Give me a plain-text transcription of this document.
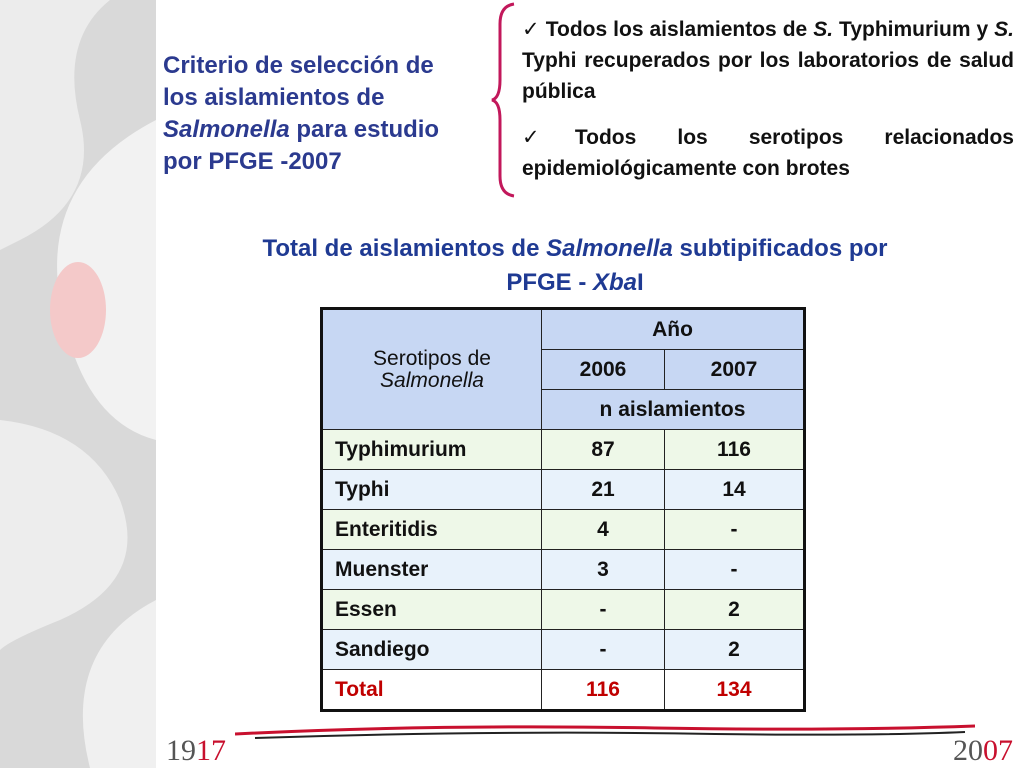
Criterio de selección de
los aislamientos de
Salmonella para estudio
por PFGE -2007

✓ Todos los aislamientos de S. Typhimurium y S. Typhi recuperados por los laboratorios de salud pública

✓Todos los serotipos relacionados epidemiológicamente con brotes

Total de aislamientos de Salmonella subtipificados por
PFGE - XbaI
Serotipos de
Salmonella	Año	
	2006	2007
	n aislamientos	
Typhimurium	87	116
Typhi	21	14
Enteritidis	4	-
Muenster	3	-
Essen	-	2
Sandiego	-	2
Total	116	134
1917	2007
